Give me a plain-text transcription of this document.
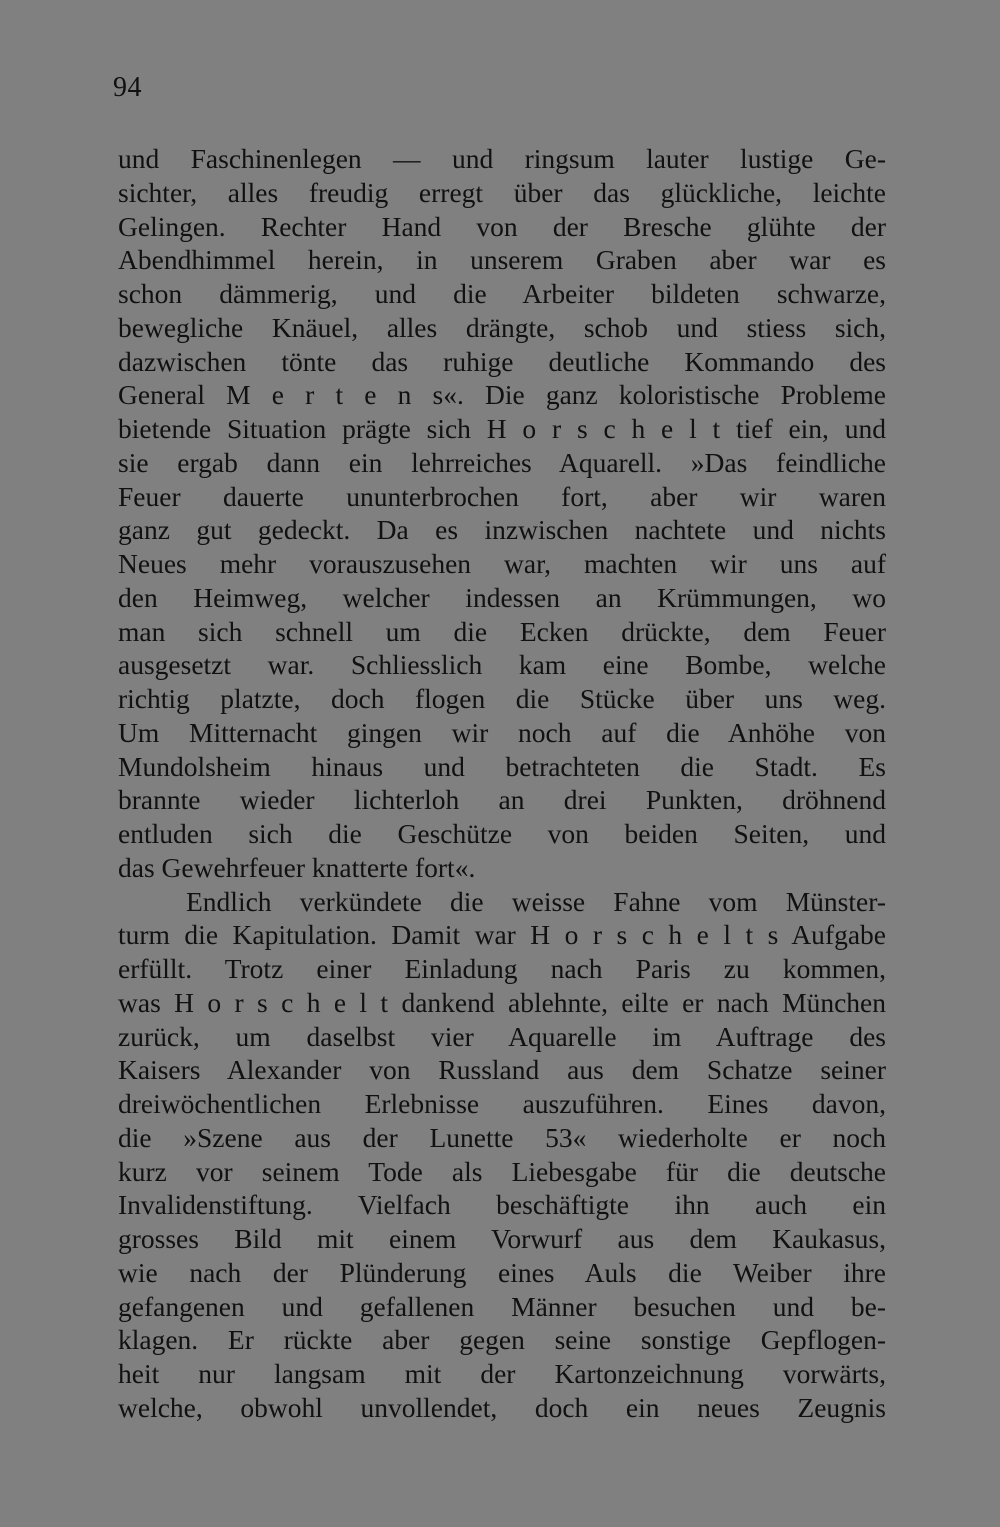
94
und Faschinenlegen — und ringsum lauter lustige Ge-
sichter, alles freudig erregt über das glückliche, leichte
Gelingen. Rechter Hand von der Bresche glühte der
Abendhimmel herein, in unserem Graben aber war es
schon dämmerig, und die Arbeiter bildeten schwarze,
bewegliche Knäuel, alles drängte, schob und stiess sich,
dazwischen tönte das ruhige deutliche Kommando des
General M e r t e n s«. Die ganz koloristische Probleme
bietende Situation prägte sich H o r s c h e l t tief ein, und
sie ergab dann ein lehrreiches Aquarell. »Das feindliche
Feuer dauerte ununterbrochen fort, aber wir waren
ganz gut gedeckt. Da es inzwischen nachtete und nichts
Neues mehr vorauszusehen war, machten wir uns auf
den Heimweg, welcher indessen an Krümmungen, wo
man sich schnell um die Ecken drückte, dem Feuer
ausgesetzt war. Schliesslich kam eine Bombe, welche
richtig platzte, doch flogen die Stücke über uns weg.
Um Mitternacht gingen wir noch auf die Anhöhe von
Mundolsheim hinaus und betrachteten die Stadt. Es
brannte wieder lichterloh an drei Punkten, dröhnend
entluden sich die Geschütze von beiden Seiten, und
das Gewehrfeuer knatterte fort«.
Endlich verkündete die weisse Fahne vom Münster-
turm die Kapitulation. Damit war H o r s c h e l t s Aufgabe
erfüllt. Trotz einer Einladung nach Paris zu kommen,
was H o r s c h e l t dankend ablehnte, eilte er nach München
zurück, um daselbst vier Aquarelle im Auftrage des
Kaisers Alexander von Russland aus dem Schatze seiner
dreiwöchentlichen Erlebnisse auszuführen. Eines davon,
die »Szene aus der Lunette 53« wiederholte er noch
kurz vor seinem Tode als Liebesgabe für die deutsche
Invalidenstiftung. Vielfach beschäftigte ihn auch ein
grosses Bild mit einem Vorwurf aus dem Kaukasus,
wie nach der Plünderung eines Auls die Weiber ihre
gefangenen und gefallenen Männer besuchen und be-
klagen. Er rückte aber gegen seine sonstige Gepflogen-
heit nur langsam mit der Kartonzeichnung vorwärts,
welche, obwohl unvollendet, doch ein neues Zeugnis
